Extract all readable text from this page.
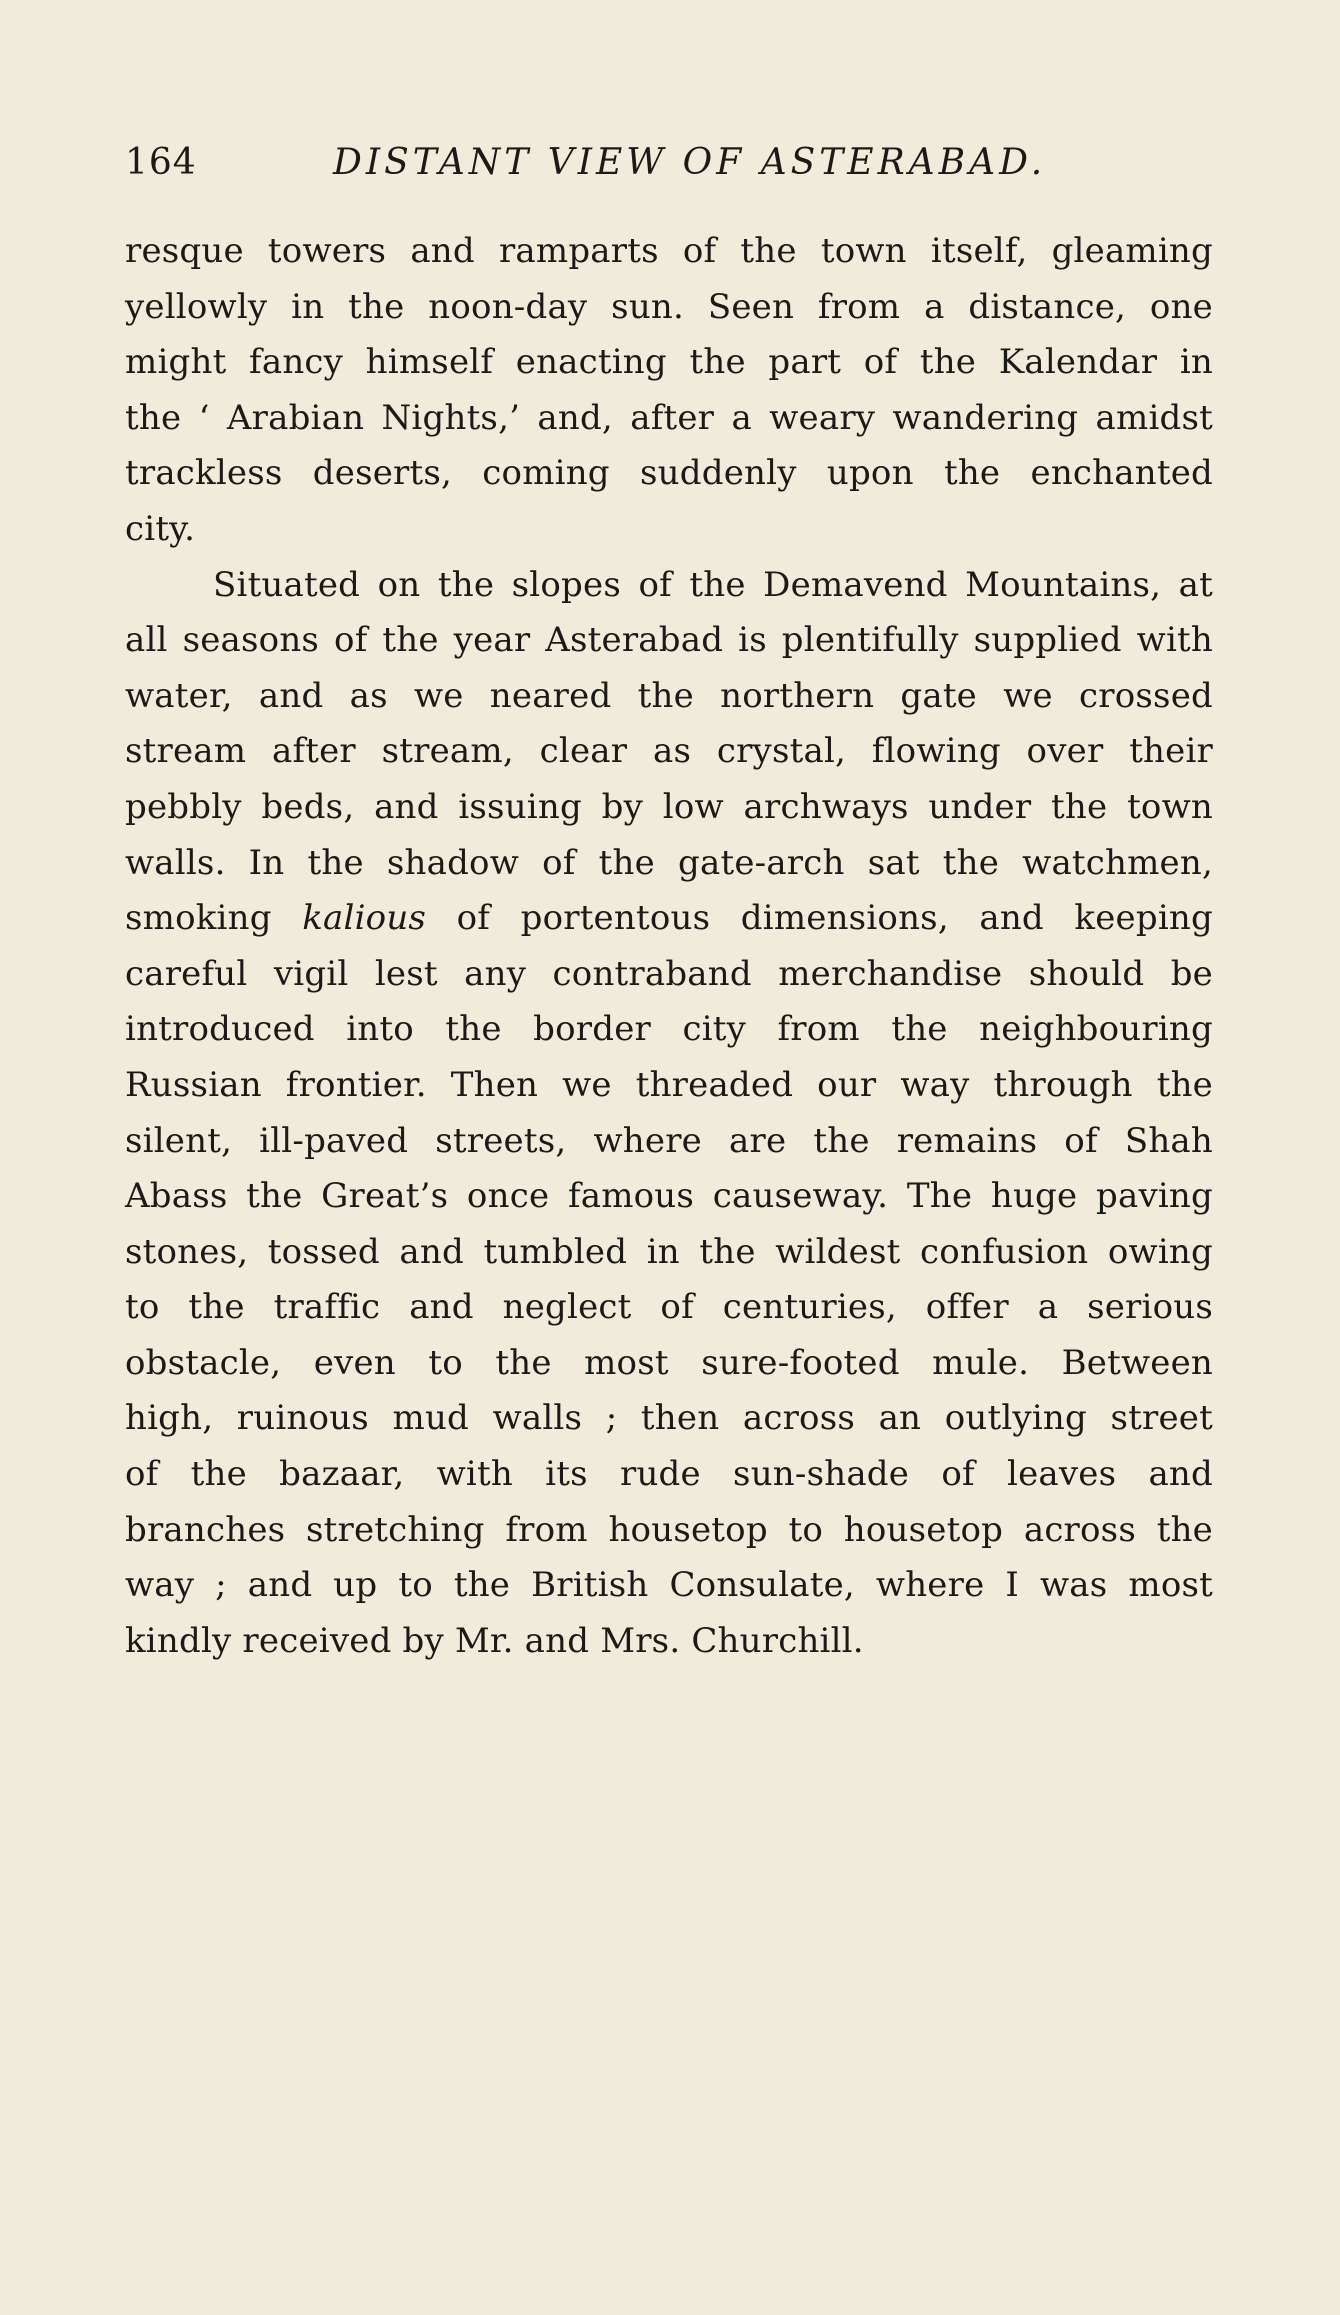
164	DISTANT VIEW OF ASTERABAD.
resque towers and ramparts of the town itself, gleaming
yellowly in the noon-day sun. Seen from a distance, one
might fancy himself enacting the part of the Kalendar in
the ‘ Arabian Nights,’ and, after a weary wandering amidst
trackless deserts, coming suddenly upon the enchanted
city.
Situated on the slopes of the Demavend Mountains, at
all seasons of the year Asterabad is plentifully supplied with
water, and as we neared the northern gate we crossed
stream after stream, clear as crystal, flowing over their
pebbly beds, and issuing by low archways under the town
walls. In the shadow of the gate-arch sat the watchmen,
smoking kalious of portentous dimensions, and keeping
careful vigil lest any contraband merchandise should be
introduced into the border city from the neighbouring
Russian frontier. Then we threaded our way through the
silent, ill-paved streets, where are the remains of Shah
Abass the Great’s once famous causeway. The huge paving
stones, tossed and tumbled in the wildest confusion owing
to the traffic and neglect of centuries, offer a serious
obstacle, even to the most sure-footed mule. Between
high, ruinous mud walls ; then across an outlying street
of the bazaar, with its rude sun-shade of leaves and
branches stretching from housetop to housetop across the
way ; and up to the British Consulate, where I was most
kindly received by Mr. and Mrs. Churchill.
